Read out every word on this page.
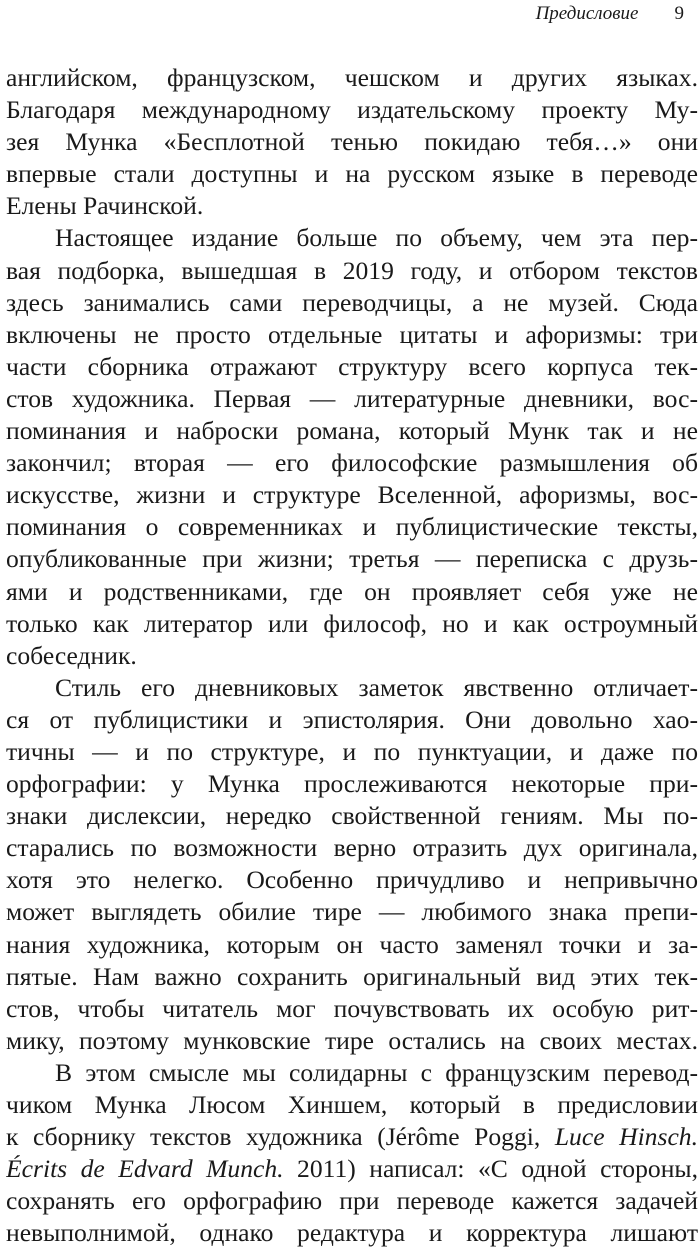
Предисловие 9
английском, французском, чешском и других языках.
Благодаря международному издательскому проекту Му-
зея Мунка «Бесплотной тенью покидаю тебя…» они
впервые стали доступны и на русском языке в переводе
Елены Рачинской.
Настоящее издание больше по объему, чем эта пер-
вая подборка, вышедшая в 2019 году, и отбором текстов
здесь занимались сами переводчицы, а не музей. Сюда
включены не просто отдельные цитаты и афоризмы: три
части сборника отражают структуру всего корпуса тек-
стов художника. Первая — литературные дневники, вос-
поминания и наброски романа, который Мунк так и не
закончил; вторая — его философские размышления об
искусстве, жизни и структуре Вселенной, афоризмы, вос-
поминания о современниках и публицистические тексты,
опубликованные при жизни; третья — переписка с друзь-
ями и родственниками, где он проявляет себя уже не
только как литератор или философ, но и как остроумный
собеседник.
Стиль его дневниковых заметок явственно отличает-
ся от публицистики и эпистолярия. Они довольно хао-
тичны — и по структуре, и по пунктуации, и даже по
орфографии: у Мунка прослеживаются некоторые при-
знаки дислексии, нередко свойственной гениям. Мы по-
старались по возможности верно отразить дух оригинала,
хотя это нелегко. Особенно причудливо и непривычно
может выглядеть обилие тире — любимого знака препи-
нания художника, которым он часто заменял точки и за-
пятые. Нам важно сохранить оригинальный вид этих тек-
стов, чтобы читатель мог почувствовать их особую рит-
мику, поэтому мунковские тире остались на своих местах.
В этом смысле мы солидарны с французским перевод-
чиком Мунка Люсом Хиншем, который в предисловии
к сборнику текстов художника (Jérôme Poggi, Luce Hinsch.
Écrits de Edvard Munch. 2011) написал: «С одной стороны,
сохранять его орфографию при переводе кажется задачей
невыполнимой, однако редактура и корректура лишают
